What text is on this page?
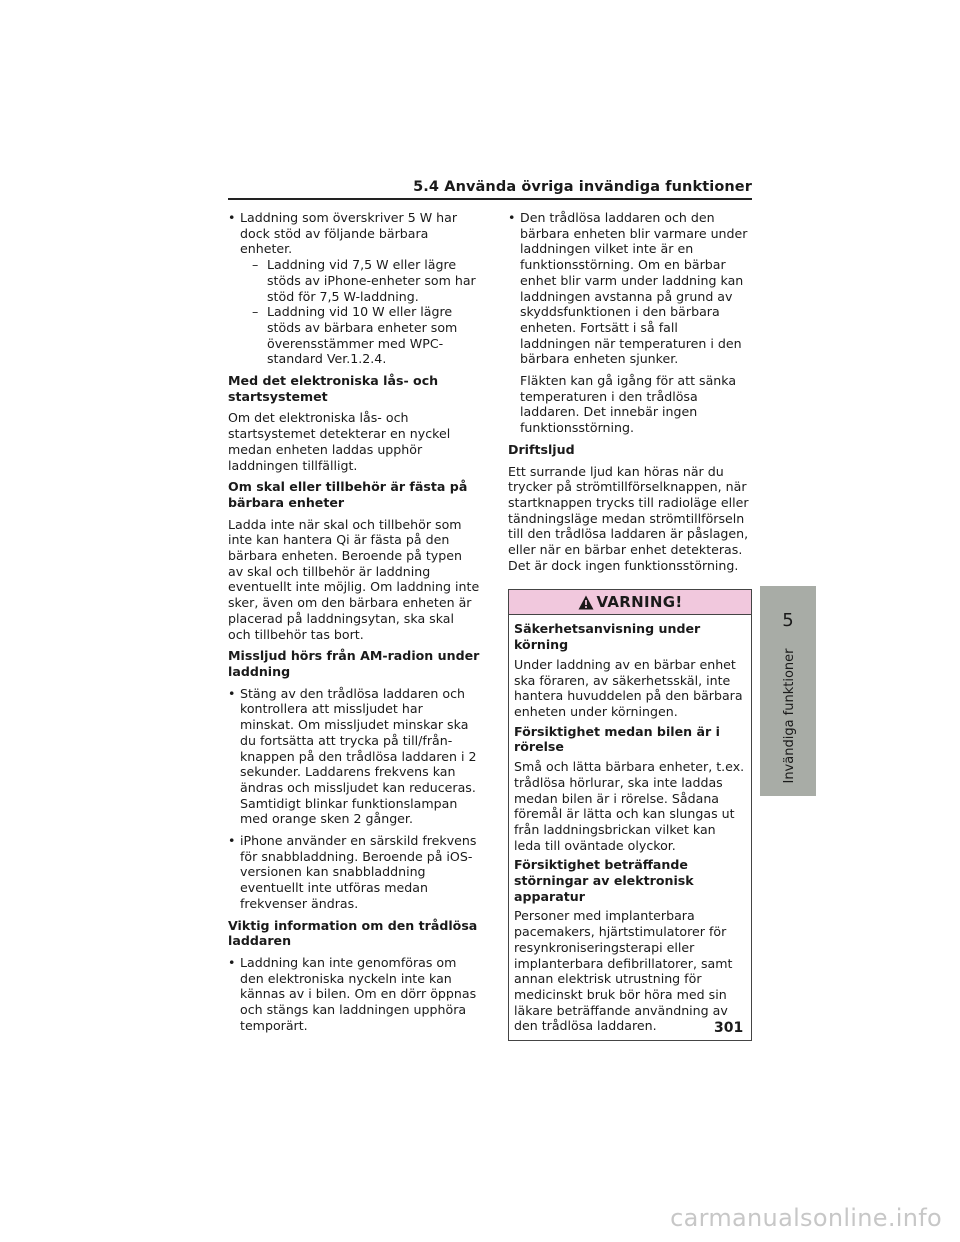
5.4 Använda övriga invändiga funktioner

• Laddning som överskriver 5 W har dock stöd av följande bärbara enheter.

– Laddning vid 7,5 W eller lägre stöds av iPhone-enheter som har stöd för 7,5 W-laddning.

– Laddning vid 10 W eller lägre stöds av bärbara enheter som överensstämmer med WPC-standard Ver.1.2.4.

Med det elektroniska lås- och startsystemet

Om det elektroniska lås- och startsystemet detekterar en nyckel medan enheten laddas upphör laddningen tillfälligt.

Om skal eller tillbehör är fästa på bärbara enheter

Ladda inte när skal och tillbehör som inte kan hantera Qi är fästa på den bärbara enheten. Beroende på typen av skal och tillbehör är laddning eventuellt inte möjlig. Om laddning inte sker, även om den bärbara enheten är placerad på laddningsytan, ska skal och tillbehör tas bort.

Missljud hörs från AM-radion under laddning

• Stäng av den trådlösa laddaren och kontrollera att missljudet har minskat. Om missljudet minskar ska du fortsätta att trycka på till/från-knappen på den trådlösa laddaren i 2 sekunder. Laddarens frekvens kan ändras och missljudet kan reduceras. Samtidigt blinkar funktionslampan med orange sken 2 gånger.

• iPhone använder en särskild frekvens för snabbladdning. Beroende på iOS-versionen kan snabbladdning eventuellt inte utföras medan frekvenser ändras.

Viktig information om den trådlösa laddaren

• Laddning kan inte genomföras om den elektroniska nyckeln inte kan kännas av i bilen. Om en dörr öppnas och stängs kan laddningen upphöra temporärt.

• Den trådlösa laddaren och den bärbara enheten blir varmare under laddningen vilket inte är en funktionsstörning. Om en bärbar enhet blir varm under laddning kan laddningen avstanna på grund av skyddsfunktionen i den bärbara enheten. Fortsätt i så fall laddningen när temperaturen i den bärbara enheten sjunker.

Fläkten kan gå igång för att sänka temperaturen i den trådlösa laddaren. Det innebär ingen funktionsstörning.

Driftsljud

Ett surrande ljud kan höras när du trycker på strömtillförselknappen, när startknappen trycks till radioläge eller tändningsläge medan strömtillförseln till den trådlösa laddaren är påslagen, eller när en bärbar enhet detekteras. Det är dock ingen funktionsstörning.

VARNING!

Säkerhetsanvisning under körning

Under laddning av en bärbar enhet ska föraren, av säkerhetsskäl, inte hantera huvuddelen på den bärbara enheten under körningen.

Försiktighet medan bilen är i rörelse

Små och lätta bärbara enheter, t.ex. trådlösa hörlurar, ska inte laddas medan bilen är i rörelse. Sådana föremål är lätta och kan slungas ut från laddningsbrickan vilket kan leda till oväntade olyckor.

Försiktighet beträffande störningar av elektronisk apparatur

Personer med implanterbara pacemakers, hjärtstimulatorer för resynkroniseringsterapi eller implanterbara defibrillatorer, samt annan elektrisk utrustning för medicinskt bruk bör höra med sin läkare beträffande användning av den trådlösa laddaren.

5
Invändiga funktioner
301
carmanualsonline.info
